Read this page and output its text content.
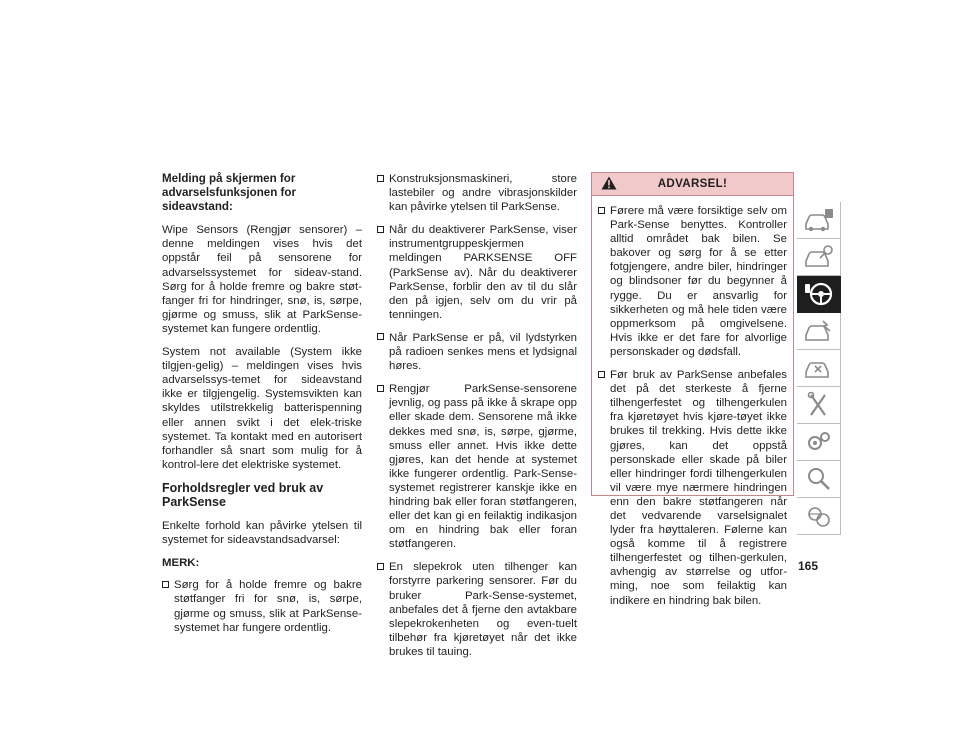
Melding på skjermen for advarselsfunksjonen for sideavstand:

Wipe Sensors (Rengjør sensorer) – denne meldingen vises hvis det oppstår feil på sensorene for advarselssystemet for sideav-stand. Sørg for å holde fremre og bakre støt-fanger fri for hindringer, snø, is, sørpe, gjørme og smuss, slik at ParkSense-systemet kan fungere ordentlig.

System not available (System ikke tilgjen-gelig) – meldingen vises hvis advarselssys-temet for sideavstand ikke er tilgjengelig. Systemsvikten kan skyldes utilstrekkelig batterispenning eller annen svikt i det elek-triske systemet. Ta kontakt med en autorisert forhandler så snart som mulig for å kontrol-lere det elektriske systemet.

Forholdsregler ved bruk av ParkSense

Enkelte forhold kan påvirke ytelsen til systemet for sideavstandsadvarsel:

MERK:
Sørg for å holde fremre og bakre støtfanger fri for snø, is, sørpe, gjørme og smuss, slik at ParkSense-systemet har fungere ordentlig.
Konstruksjonsmaskineri, store lastebiler og andre vibrasjonskilder kan påvirke ytelsen til ParkSense.
Når du deaktiverer ParkSense, viser instrumentgruppeskjermen meldingen PARKSENSE OFF (ParkSense av). Når du deaktiverer ParkSense, forblir den av til du slår den på igjen, selv om du vrir på tenningen.
Når ParkSense er på, vil lydstyrken på radioen senkes mens et lydsignal høres.
Rengjør ParkSense-sensorene jevnlig, og pass på ikke å skrape opp eller skade dem. Sensorene må ikke dekkes med snø, is, sørpe, gjørme, smuss eller annet. Hvis ikke dette gjøres, kan det hende at systemet ikke fungerer ordentlig. Park-Sense-systemet registrerer kanskje ikke en hindring bak eller foran støtfangeren, eller det kan gi en feilaktig indikasjon om en hindring bak eller foran støtfangeren.
En slepekrok uten tilhenger kan forstyrre parkering sensorer. Før du bruker Park-Sense-systemet, anbefales det å fjerne den avtakbare slepekrokenheten og even-tuelt tilbehør fra kjøretøyet når det ikke brukes til tauing.
ADVARSEL!
Førere må være forsiktige selv om Park-Sense benyttes. Kontroller alltid området bak bilen. Se bakover og sørg for å se etter fotgjengere, andre biler, hindringer og blindsoner før du begynner å rygge. Du er ansvarlig for sikkerheten og må hele tiden være oppmerksom på omgivelsene. Hvis ikke er det fare for alvorlige personskader og dødsfall.
Før bruk av ParkSense anbefales det på det sterkeste å fjerne tilhengerfestet og tilhengerkulen fra kjøretøyet hvis kjøre-tøyet ikke brukes til trekking. Hvis dette ikke gjøres, kan det oppstå personskade eller skade på biler eller hindringer fordi tilhengerkulen vil være mye nærmere hindringen enn den bakre støtfangeren når det vedvarende varselsignalet lyder fra høyttaleren. Følerne kan også komme til å registrere tilhengerfestet og tilhen-gerkulen, avhengig av størrelse og utfor-ming, noe som feilaktig kan indikere en hindring bak bilen.
165
